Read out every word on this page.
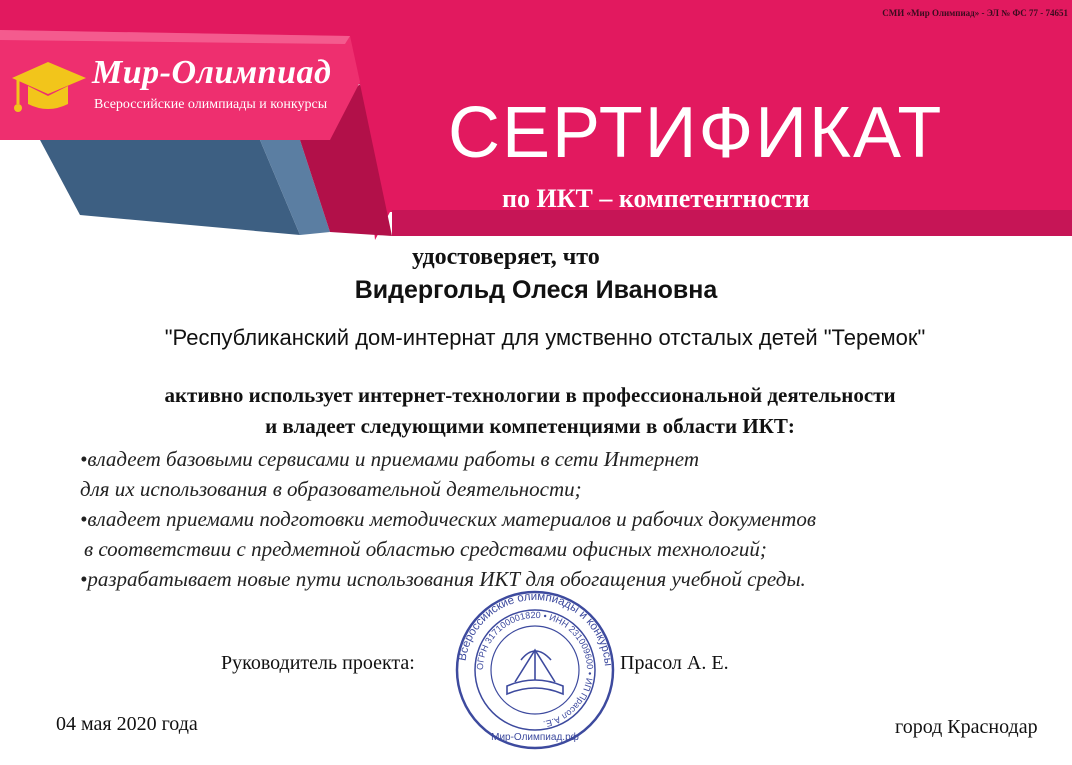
СМИ «Мир Олимпиад» - ЭЛ № ФС 77 - 74651
Мир-Олимпиад
Всероссийские олимпиады и конкурсы СЕРТИФИКАТ
по ИКТ – компетентности
удостоверяет, что
Видергольд Олеся Ивановна
"Республиканский дом-интернат для умственно отсталых детей "Теремок"
активно использует интернет-технологии в профессиональной деятельности
и владеет следующими компетенциями в области ИКТ:
•владеет базовыми сервисами и приемами работы в сети Интернет
для их использования в образовательной деятельности;
•владеет приемами подготовки методических материалов и рабочих документов
в соответствии с предметной областью средствами офисных технологий;
•разрабатывает новые пути использования ИКТ для обогащения учебной среды.
Всероссийские олимпиады и конкурсы
ОГРН 317100001820 • ИНН 231009600 • ИП Прасол А.Е.
Мир-Олимпиад.рф
Руководитель проекта:	Прасол А. Е.
04 мая 2020 года	город Краснодар
